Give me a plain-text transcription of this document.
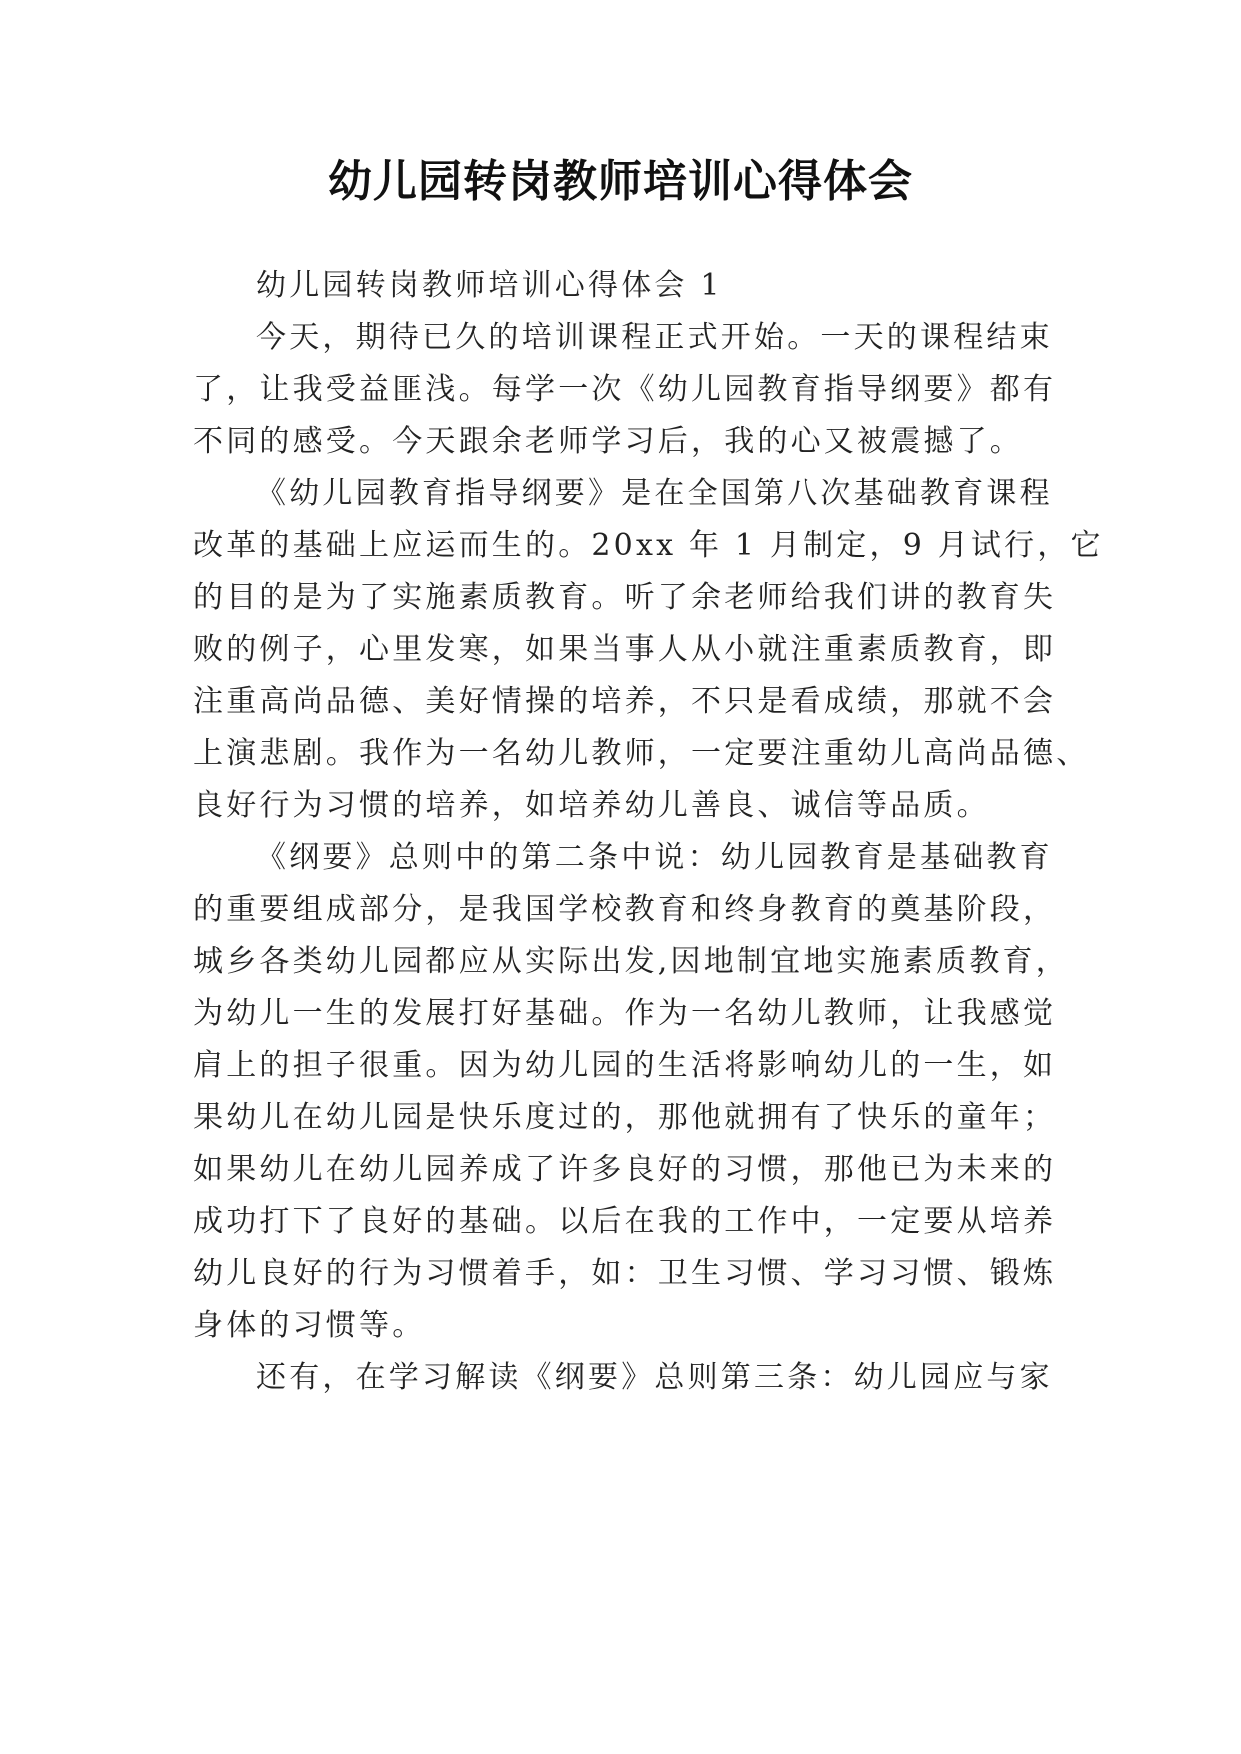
幼儿园转岗教师培训心得体会
幼儿园转岗教师培训心得体会 1
今天，期待已久的培训课程正式开始。一天的课程结束
了，让我受益匪浅。每学一次《幼儿园教育指导纲要》都有
不同的感受。今天跟余老师学习后，我的心又被震撼了。
《幼儿园教育指导纲要》是在全国第八次基础教育课程
改革的基础上应运而生的。20xx 年 1 月制定，9 月试行，它
的目的是为了实施素质教育。听了余老师给我们讲的教育失
败的例子，心里发寒，如果当事人从小就注重素质教育，即
注重高尚品德、美好情操的培养，不只是看成绩，那就不会
上演悲剧。我作为一名幼儿教师，一定要注重幼儿高尚品德、
良好行为习惯的培养，如培养幼儿善良、诚信等品质。
《纲要》总则中的第二条中说：幼儿园教育是基础教育
的重要组成部分，是我国学校教育和终身教育的奠基阶段，
城乡各类幼儿园都应从实际出发,因地制宜地实施素质教育，
为幼儿一生的发展打好基础。作为一名幼儿教师，让我感觉
肩上的担子很重。因为幼儿园的生活将影响幼儿的一生，如
果幼儿在幼儿园是快乐度过的，那他就拥有了快乐的童年；
如果幼儿在幼儿园养成了许多良好的习惯，那他已为未来的
成功打下了良好的基础。以后在我的工作中，一定要从培养
幼儿良好的行为习惯着手，如：卫生习惯、学习习惯、锻炼
身体的习惯等。
还有，在学习解读《纲要》总则第三条：幼儿园应与家
